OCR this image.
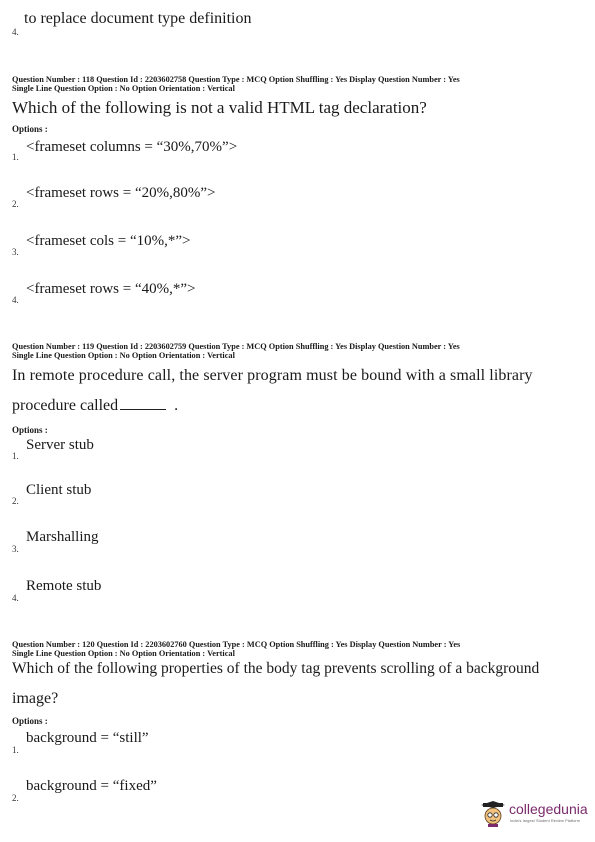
4.
to replace document type definition
Question Number : 118 Question Id : 2203602758 Question Type : MCQ Option Shuffling : Yes Display Question Number : Yes
Single Line Question Option : No Option Orientation : Vertical
Which of the following is not a valid HTML tag declaration?
Options :
1.
<frameset columns = “30%,70%”>
2.
<frameset rows = “20%,80%”>
3.
<frameset cols = “10%,*”>
4.
<frameset rows = “40%,*”>
Question Number : 119 Question Id : 2203602759 Question Type : MCQ Option Shuffling : Yes Display Question Number : Yes
Single Line Question Option : No Option Orientation : Vertical
In remote procedure call, the server program must be bound with a small library
procedure called	.
Options :
1.
Server stub
2.
Client stub
3.
Marshalling
4.
Remote stub
Question Number : 120 Question Id : 2203602760 Question Type : MCQ Option Shuffling : Yes Display Question Number : Yes
Single Line Question Option : No Option Orientation : Vertical
Which of the following properties of the body tag prevents scrolling of a background
image?
Options :
1.
background = “still”
2.
background = “fixed”
collegedunia
India's largest Student Review Platform
